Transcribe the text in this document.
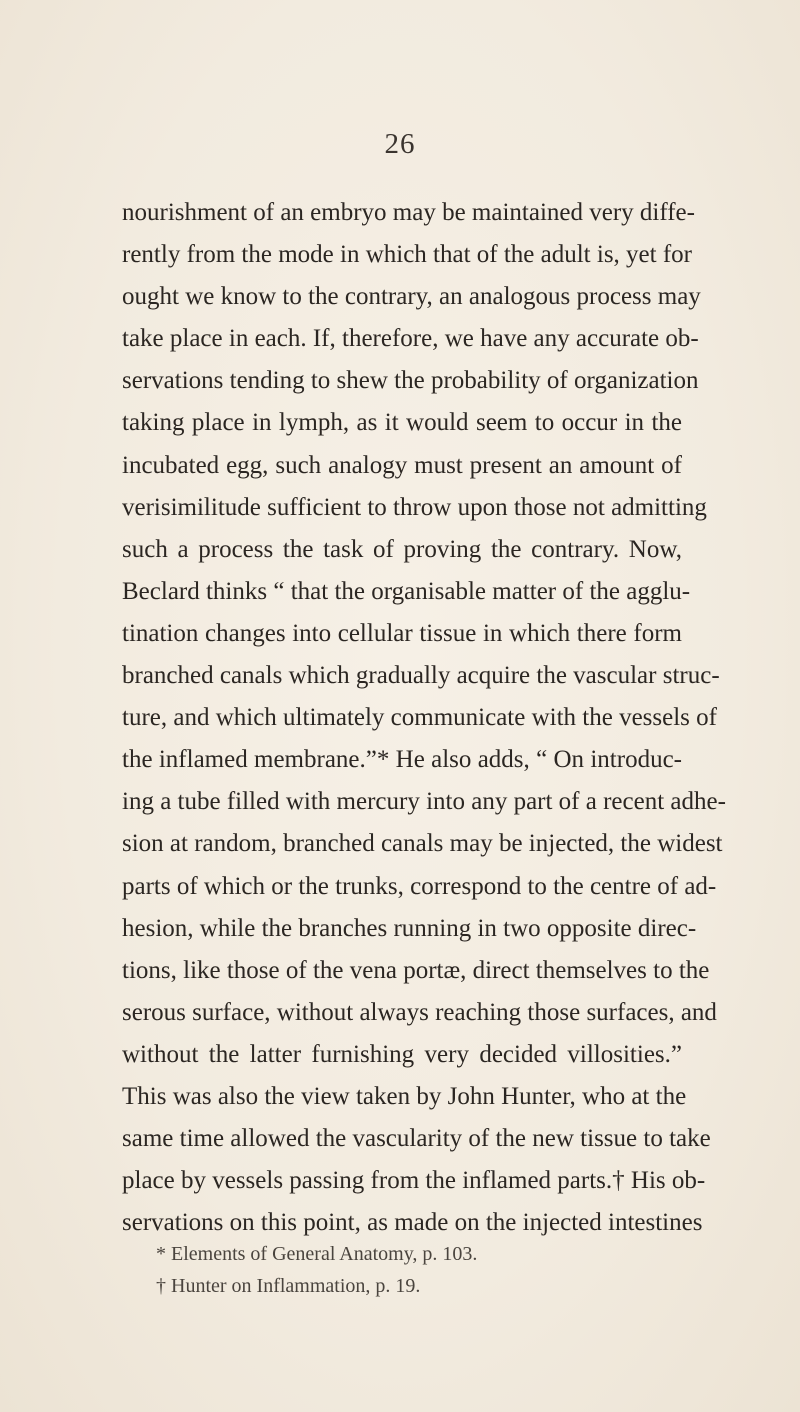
26
nourishment of an embryo may be maintained very diffe-
rently from the mode in which that of the adult is, yet for
ought we know to the contrary, an analogous process may
take place in each. If, therefore, we have any accurate ob-
servations tending to shew the probability of organization
taking place in lymph, as it would seem to occur in the
incubated egg, such analogy must present an amount of
verisimilitude sufficient to throw upon those not admitting
such a process the task of proving the contrary. Now,
Beclard thinks “ that the organisable matter of the agglu-
tination changes into cellular tissue in which there form
branched canals which gradually acquire the vascular struc-
ture, and which ultimately communicate with the vessels of
the inflamed membrane.”* He also adds, “ On introduc-
ing a tube filled with mercury into any part of a recent adhe-
sion at random, branched canals may be injected, the widest
parts of which or the trunks, correspond to the centre of ad-
hesion, while the branches running in two opposite direc-
tions, like those of the vena portæ, direct themselves to the
serous surface, without always reaching those surfaces, and
without the latter furnishing very decided villosities.”
This was also the view taken by John Hunter, who at the
same time allowed the vascularity of the new tissue to take
place by vessels passing from the inflamed parts.† His ob-
servations on this point, as made on the injected intestines
* Elements of General Anatomy, p. 103.
† Hunter on Inflammation, p. 19.
